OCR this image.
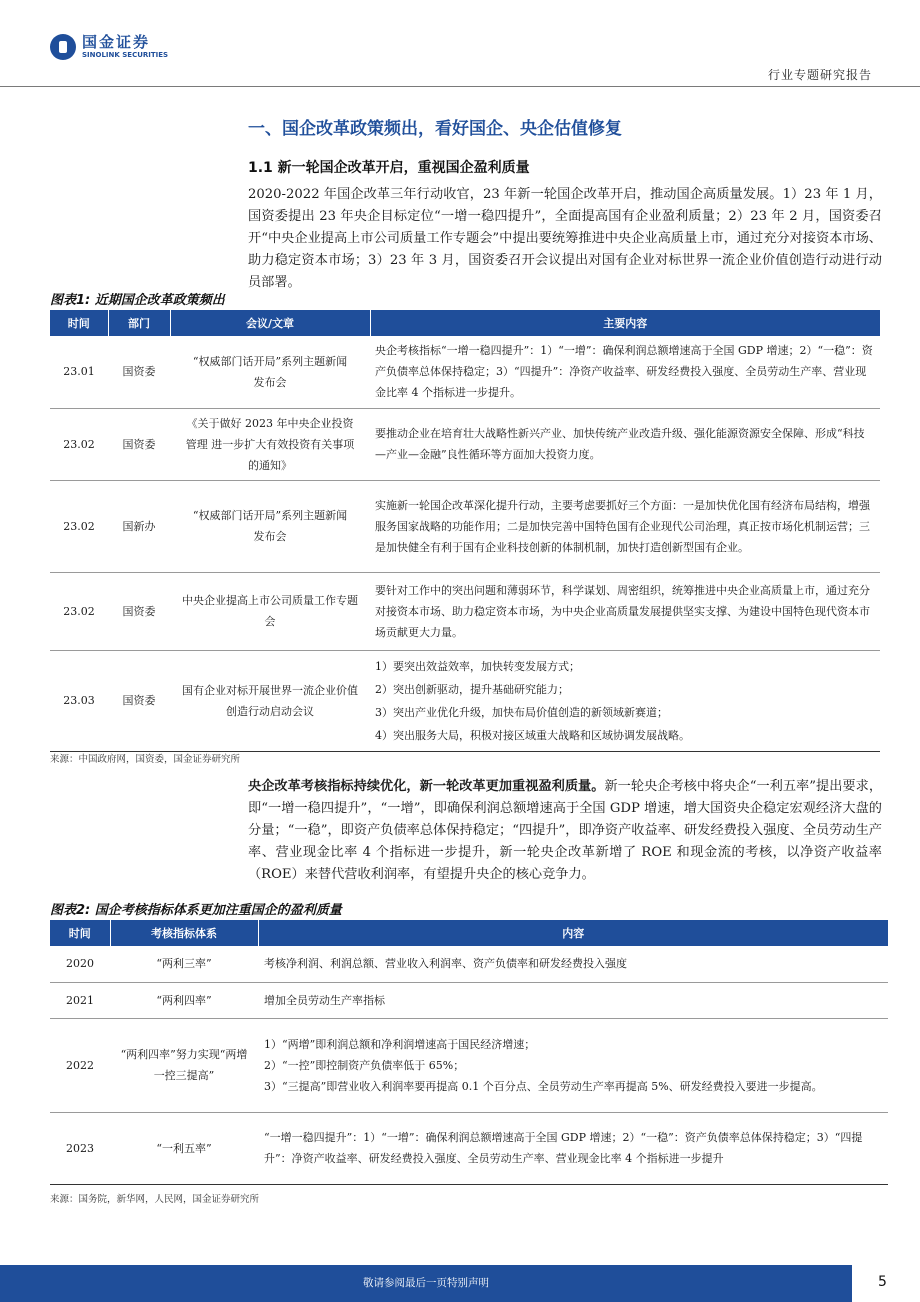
国金证券
SINOLINK SECURITIES
行业专题研究报告
一、国企改革政策频出，看好国企、央企估值修复
1.1 新一轮国企改革开启，重视国企盈利质量

2020-2022 年国企改革三年行动收官，23 年新一轮国企改革开启，推动国企高质量发展。1）23 年 1 月，国资委提出 23 年央企目标定位“一增一稳四提升”，全面提高国有企业盈利质量；2）23 年 2 月，国资委召开“中央企业提高上市公司质量工作专题会”中提出要统筹推进中央企业高质量上市，通过充分对接资本市场、助力稳定资本市场；3）23 年 3 月，国资委召开会议提出对国有企业对标世界一流企业价值创造行动进行动员部署。

图表1: 近期国企改革政策频出
时间	部门	会议/文章	主要内容
23.01	国资委	“权威部门话开局”系列主题新闻发布会	央企考核指标“一增一稳四提升”：1）“一增”：确保利润总额增速高于全国 GDP 增速；2）“一稳”：资产负债率总体保持稳定；3）“四提升”：净资产收益率、研发经费投入强度、全员劳动生产率、营业现金比率 4 个指标进一步提升。
23.02	国资委	《关于做好 2023 年中央企业投资管理 进一步扩大有效投资有关事项的通知》	要推动企业在培育壮大战略性新兴产业、加快传统产业改造升级、强化能源资源安全保障、形成“科技—产业—金融”良性循环等方面加大投资力度。
23.02	国新办	“权威部门话开局”系列主题新闻发布会	实施新一轮国企改革深化提升行动，主要考虑要抓好三个方面：一是加快优化国有经济布局结构，增强服务国家战略的功能作用；二是加快完善中国特色国有企业现代公司治理，真正按市场化机制运营；三是加快健全有利于国有企业科技创新的体制机制，加快打造创新型国有企业。
23.02	国资委	中央企业提高上市公司质量工作专题会	要针对工作中的突出问题和薄弱环节，科学谋划、周密组织，统筹推进中央企业高质量上市，通过充分对接资本市场、助力稳定资本市场，为中央企业高质量发展提供坚实支撑、为建设中国特色现代资本市场贡献更大力量。
23.03	国资委	国有企业对标开展世界一流企业价值创造行动启动会议	1）要突出效益效率，加快转变发展方式；
2）突出创新驱动，提升基础研究能力；
3）突出产业优化升级，加快布局价值创造的新领域新赛道；
4）突出服务大局，积极对接区域重大战略和区域协调发展战略。
来源：中国政府网，国资委，国金证券研究所

央企改革考核指标持续优化，新一轮改革更加重视盈利质量。新一轮央企考核中将央企“一利五率”提出要求，即“一增一稳四提升”，“一增”，即确保利润总额增速高于全国 GDP 增速，增大国资央企稳定宏观经济大盘的分量；“一稳”，即资产负债率总体保持稳定；“四提升”，即净资产收益率、研发经费投入强度、全员劳动生产率、营业现金比率 4 个指标进一步提升，新一轮央企改革新增了 ROE 和现金流的考核，以净资产收益率（ROE）来替代营收利润率，有望提升央企的核心竞争力。

图表2: 国企考核指标体系更加注重国企的盈利质量
时间	考核指标体系	内容
2020	“两利三率”	考核净利润、利润总额、营业收入利润率、资产负债率和研发经费投入强度
2021	“两利四率”	增加全员劳动生产率指标
2022	“两利四率”努力实现“两增一控三提高”	1）“两增”即利润总额和净利润增速高于国民经济增速；
2）“一控”即控制资产负债率低于 65%；
3）“三提高”即营业收入利润率要再提高 0.1 个百分点、全员劳动生产率再提高 5%、研发经费投入要进一步提高。

2023	“一利五率”	“一增一稳四提升”：1）“一增”：确保利润总额增速高于全国 GDP 增速；2）“一稳”：资产负债率总体保持稳定；3）“四提升”：净资产收益率、研发经费投入强度、全员劳动生产率、营业现金比率 4 个指标进一步提升
来源：国务院，新华网，人民网，国金证券研究所
敬请参阅最后一页特别声明	5
